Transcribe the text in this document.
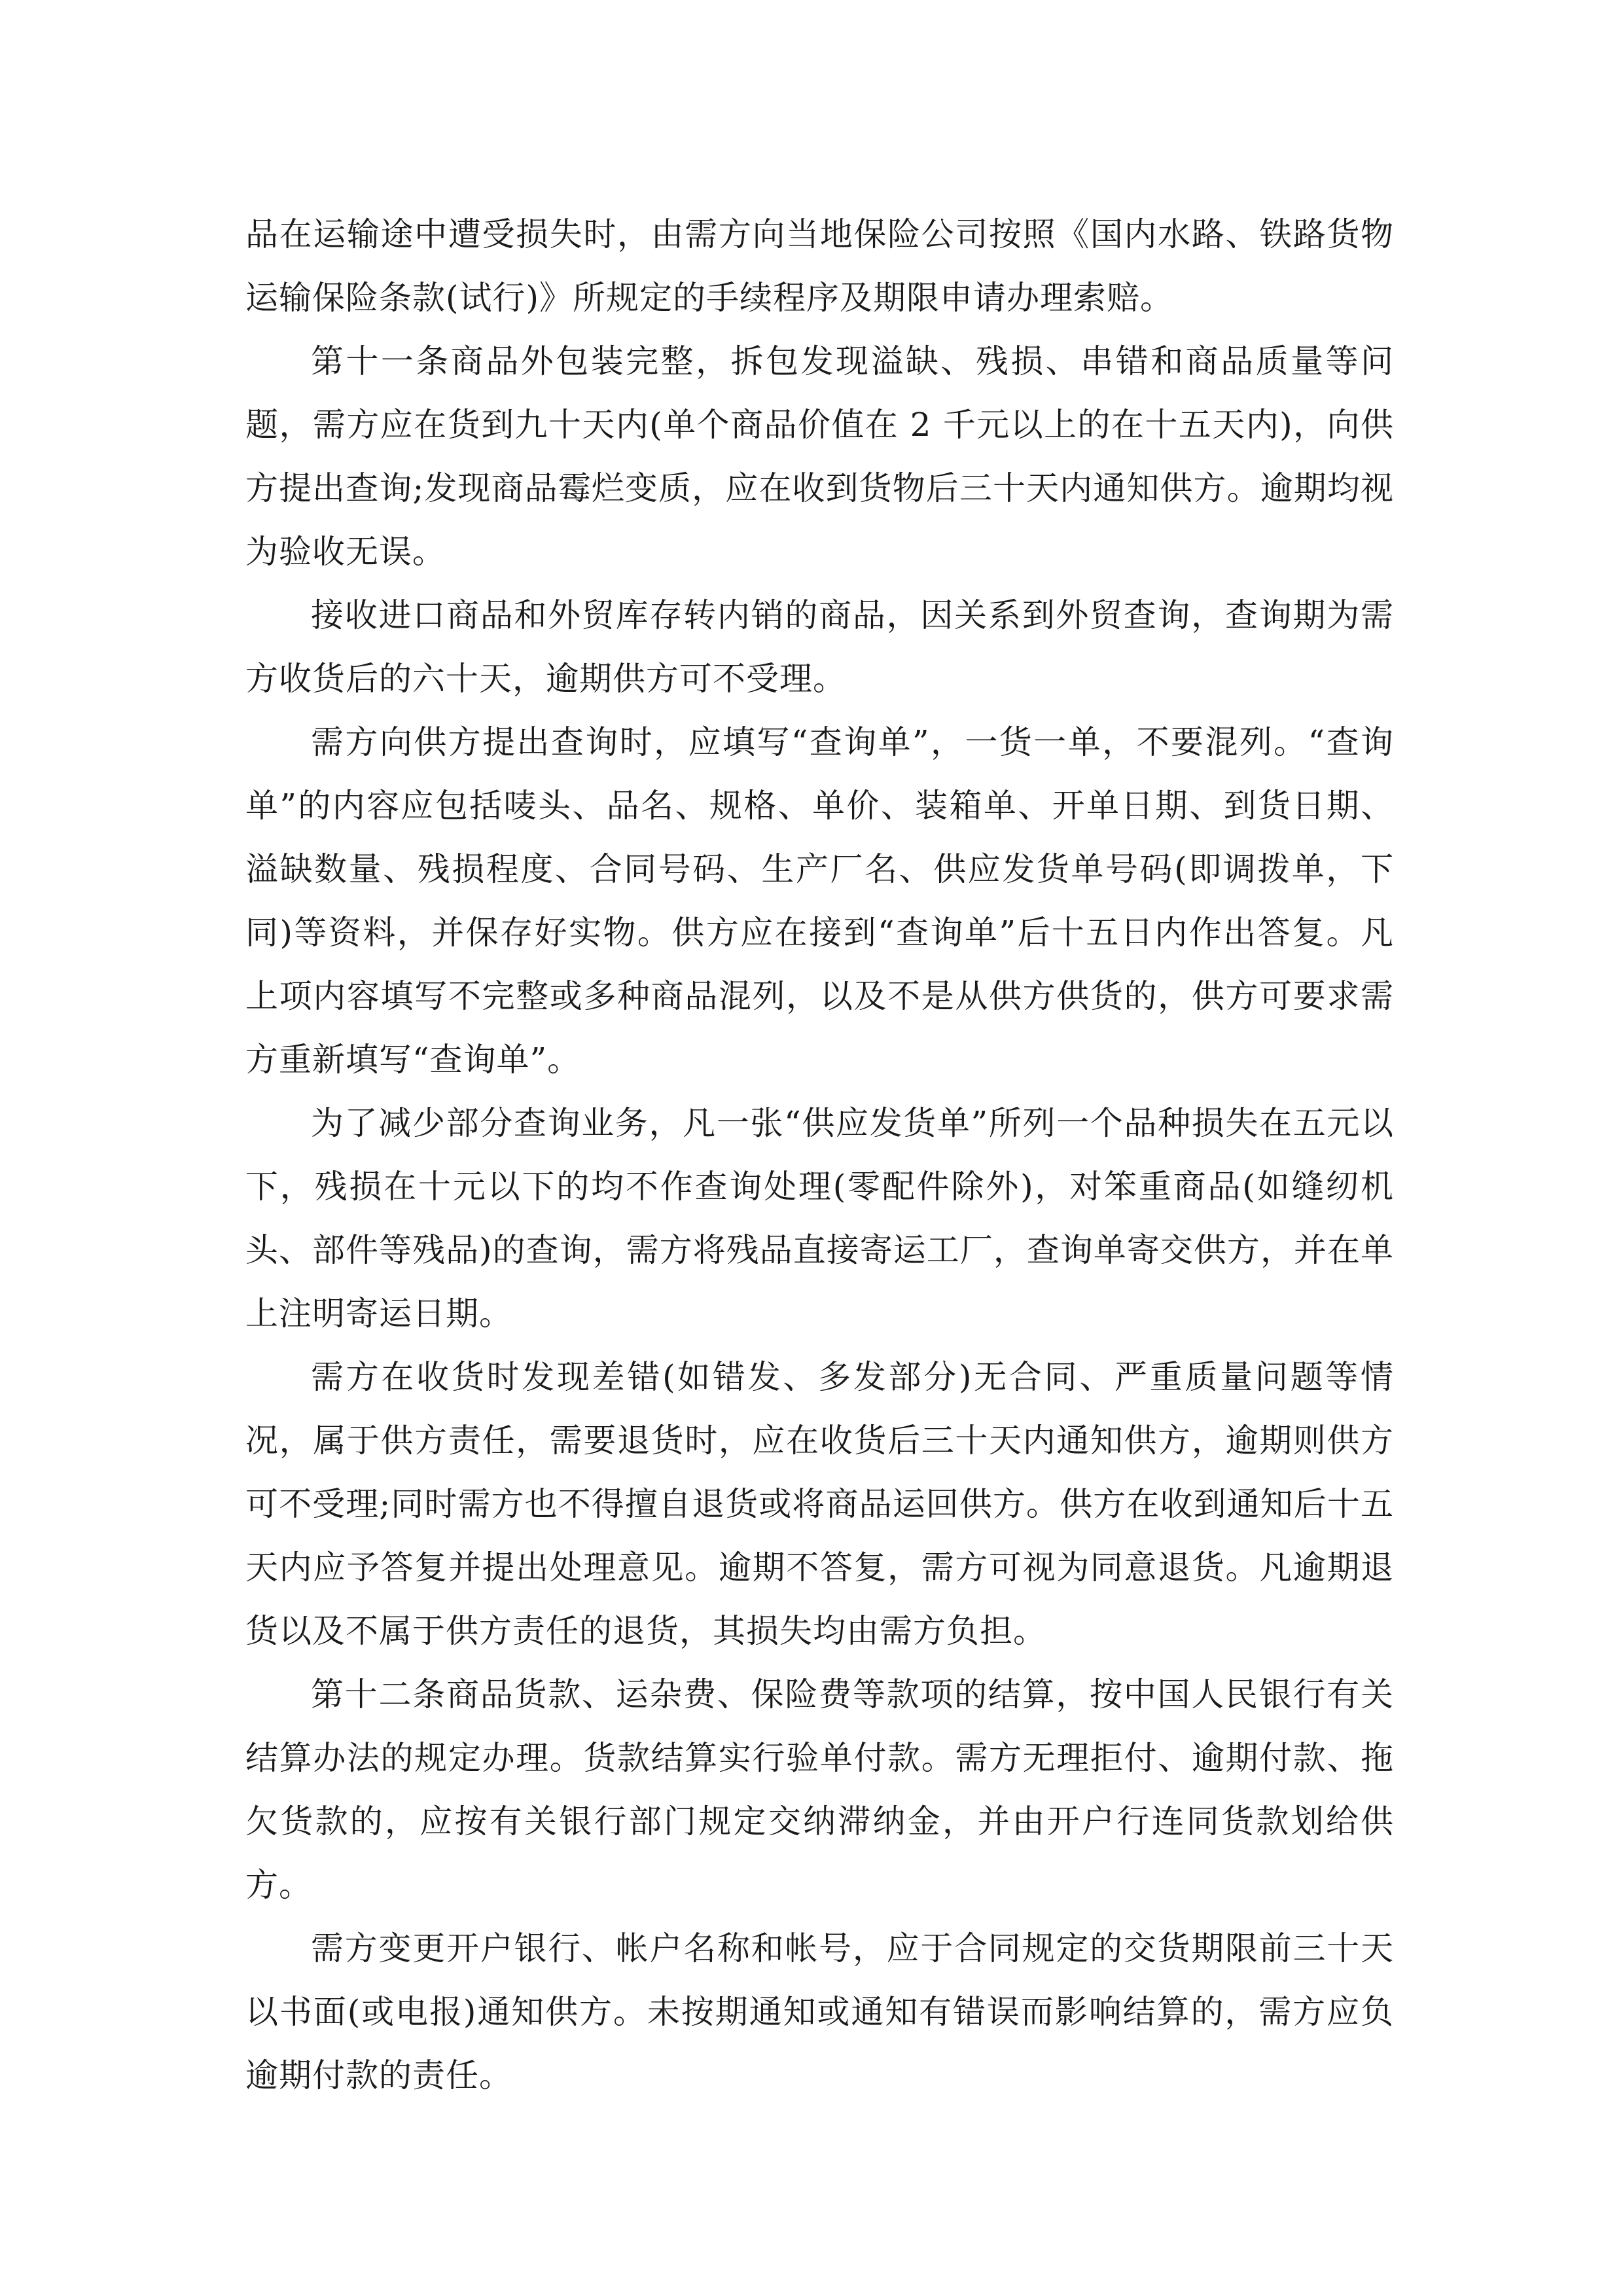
品在运输途中遭受损失时，由需方向当地保险公司按照《国内水路、铁路货物运输保险条款(试行)》所规定的手续程序及期限申请办理索赔。

第十一条商品外包装完整，拆包发现溢缺、残损、串错和商品质量等问题，需方应在货到九十天内(单个商品价值在 2 千元以上的在十五天内)，向供方提出查询;发现商品霉烂变质，应在收到货物后三十天内通知供方。逾期均视为验收无误。

接收进口商品和外贸库存转内销的商品，因关系到外贸查询，查询期为需方收货后的六十天，逾期供方可不受理。

需方向供方提出查询时，应填写“查询单”，一货一单，不要混列。“查询单”的内容应包括唛头、品名、规格、单价、装箱单、开单日期、到货日期、溢缺数量、残损程度、合同号码、生产厂名、供应发货单号码(即调拨单，下同)等资料，并保存好实物。供方应在接到“查询单”后十五日内作出答复。凡上项内容填写不完整或多种商品混列，以及不是从供方供货的，供方可要求需方重新填写“查询单”。

为了减少部分查询业务，凡一张“供应发货单”所列一个品种损失在五元以下，残损在十元以下的均不作查询处理(零配件除外)，对笨重商品(如缝纫机头、部件等残品)的查询，需方将残品直接寄运工厂，查询单寄交供方，并在单上注明寄运日期。

需方在收货时发现差错(如错发、多发部分)无合同、严重质量问题等情况，属于供方责任，需要退货时，应在收货后三十天内通知供方，逾期则供方可不受理;同时需方也不得擅自退货或将商品运回供方。供方在收到通知后十五天内应予答复并提出处理意见。逾期不答复，需方可视为同意退货。凡逾期退货以及不属于供方责任的退货，其损失均由需方负担。

第十二条商品货款、运杂费、保险费等款项的结算，按中国人民银行有关结算办法的规定办理。货款结算实行验单付款。需方无理拒付、逾期付款、拖欠货款的，应按有关银行部门规定交纳滞纳金，并由开户行连同货款划给供方。

需方变更开户银行、帐户名称和帐号，应于合同规定的交货期限前三十天以书面(或电报)通知供方。未按期通知或通知有错误而影响结算的，需方应负逾期付款的责任。
